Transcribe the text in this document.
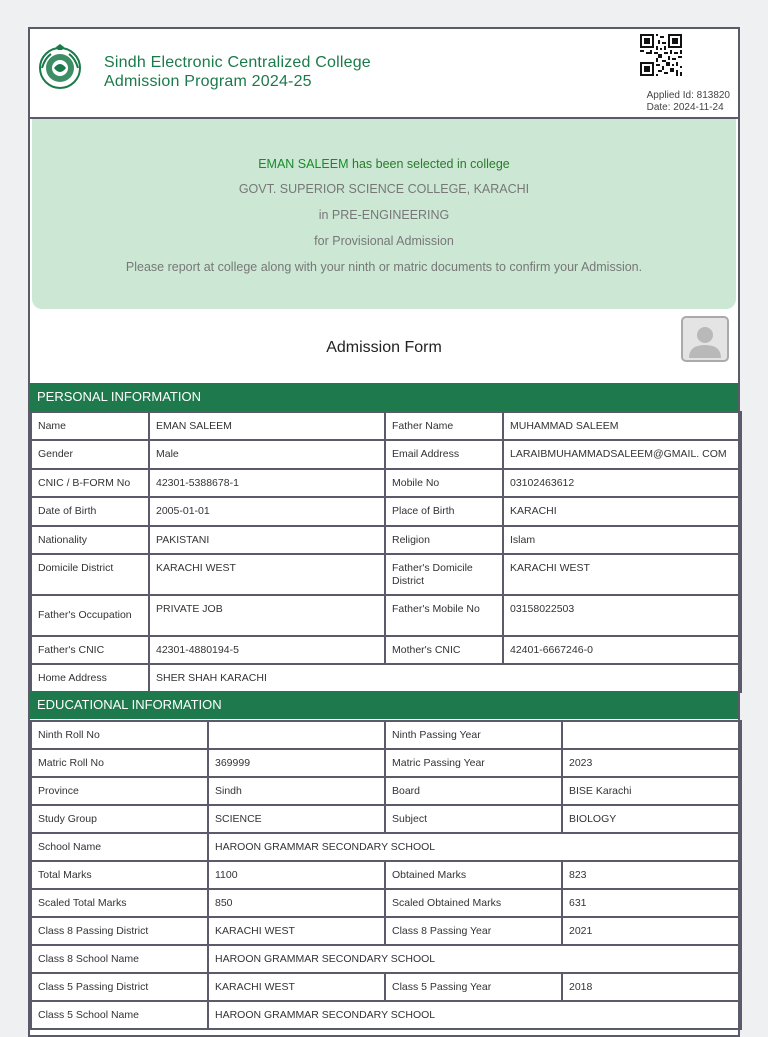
Sindh Electronic Centralized College
Admission Program 2024-25
Applied Id: 813820
Date: 2024-11-24
EMAN SALEEM has been selected in college
GOVT. SUPERIOR SCIENCE COLLEGE, KARACHI
in PRE-ENGINEERING
for Provisional Admission
Please report at college along with your ninth or matric documents to confirm your Admission.
Admission Form
PERSONAL INFORMATION
Name	EMAN SALEEM	Father Name	MUHAMMAD SALEEM
Gender	Male	Email Address	LARAIBMUHAMMADSALEEM@GMAIL. COM
CNIC / B-FORM No	42301-5388678-1	Mobile No	03102463612
Date of Birth	2005-01-01	Place of Birth	KARACHI
Nationality	PAKISTANI	Religion	Islam
Domicile District	KARACHI WEST	Father's Domicile District	KARACHI WEST
Father's Occupation	PRIVATE JOB	Father's Mobile No	03158022503
Father's CNIC	42301-4880194-5	Mother's CNIC	42401-6667246-0
Home Address	SHER SHAH KARACHI		
EDUCATIONAL INFORMATION
Ninth Roll No		Ninth Passing Year	
Matric Roll No	369999	Matric Passing Year	2023
Province	Sindh	Board	BISE Karachi
Study Group	SCIENCE	Subject	BIOLOGY
School Name	HAROON GRAMMAR SECONDARY SCHOOL		
Total Marks	1100	Obtained Marks	823
Scaled Total Marks	850	Scaled Obtained Marks	631
Class 8 Passing District	KARACHI WEST	Class 8 Passing Year	2021
Class 8 School Name	HAROON GRAMMAR SECONDARY SCHOOL		
Class 5 Passing District	KARACHI WEST	Class 5 Passing Year	2018
Class 5 School Name	HAROON GRAMMAR SECONDARY SCHOOL		
